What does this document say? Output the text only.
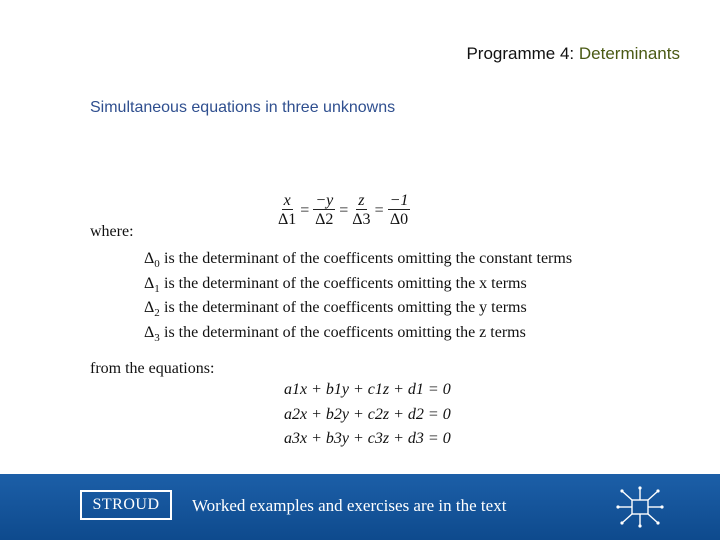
Programme 4: Determinants
Simultaneous equations in three unknowns
$\frac{x}{\Delta 1} = \frac{-y}{\Delta 2} = \frac{z}{\Delta 3} = \frac{-1}{\Delta 0}$
where:
$\Delta_0$ is the determinant of the coefficents omitting the constant terms
$\Delta_1$ is the determinant of the coefficents omitting the x terms
$\Delta_2$ is the determinant of the coefficents omitting the y terms
$\Delta_3$ is the determinant of the coefficents omitting the z terms
from the equations:
a1x + b1y + c1z + d1 = 0
a2x + b2y + c2z + d2 = 0
a3x + b3y + c3z + d3 = 0
STROUD	Worked examples and exercises are in the text
